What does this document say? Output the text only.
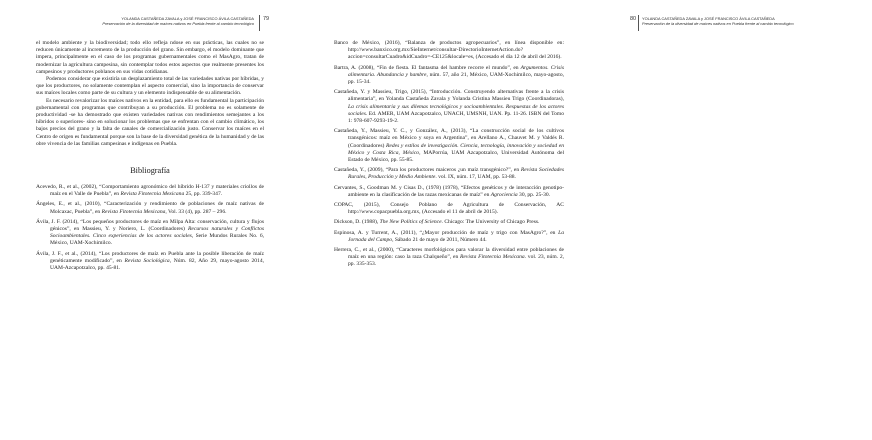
YOLANDA CASTAÑEDA ZAVALA y JOSÉ FRANCISCO ÁVILA CASTAÑEDA
Preservación de la diversidad de maíces nativos en Puebla frente al cambio tecnológico
79

el modelo ambiente y la biodiversidad; todo ello refleja ndose en sus prácticas, las cuales no se reducen únicamente al incremento de la producción del grano. Sin embargo, el modelo dominante que impera, principalmente en el caso de los programas gubernamentales como el MasAgro, tratan de modernizar la agricultura campesina, sin contemplar todos estos aspectos que realmente presentes los campesinos y productores poblanos en sus vidas cotidianas.

Podemos considerar que existiría un desplazamiento total de las variedades nativas por híbridas, y que los productores, no solamente contemplan el aspecto comercial, sino la importancia de conservar sus maíces locales como parte de su cultura y un elemento indispensable de su alimentación.

Es necesario revalorizar los maíces nativos en la entidad, para ello es fundamental la participación gubernamental con programas que contribuyan a su producción. El problema no es solamente de productividad -se ha demostrado que existen variedades nativas con rendimientos semejantes a los híbridos o superiores- sino en solucionar los problemas que se enfrentan con el cambio climático, los bajos precios del grano y la falta de canales de comercialización justo. Conservar los maíces en el Centro de origen es fundamental porque son la base de la diversidad genética de la humanidad y de las obre vivencia de las familias campesinas e indígenas en Puebla.

Bibliografía

Acevedo, R., et al., (2002), “Comportamiento agronómico del híbrido H-137 y materiales criollos de maíz en el Valle de Puebla”, en Revista Fitotecnia Mexicana 25, pp. 339-347.

Ángeles, E., et al., (2010), “Caracterización y rendimiento de poblaciones de maíz nativas de Molcaxac, Puebla”, en Revista Fitotecnia Mexicana, Vol. 33 (4), pp. 287 – 296.

Ávila, J. F. (2014), “Los pequeños productores de maíz en Milpa Alta: conservación, cultura y flujos génicos”, en Massieu, Y. y Noriero, L. (Coordinadores) Recursos naturales y Conflictos Socioambientales. Cinco experiencias de los actores sociales, Serie Mundos Rurales No. 6, México, UAM-Xochimilco.

Ávila, J. F., et al., (2014), “Los productores de maíz en Puebla ante la posible liberación de maíz genéticamente modificado”, en Revista Sociológica, Núm. 82, Año 29, mayo-agosto 2014, UAM-Azcapotzalco, pp. 45-81.

80 YOLANDA CASTAÑEDA ZAVALA y JOSÉ FRANCISCO ÁVILA CASTAÑEDA
Preservación de la diversidad de maíces nativos en Puebla frente al cambio tecnológico

Banco de México, (2016), “Balanza de productos agropecuarios”, en línea disponible en: http://www.banxico.org.mx/SieInternet/consultar-DirectorioInternetAction.do?accion=consultarCuadro&idCuadro=-CE125&locale=es, (Accesado el día 12 de abril del 2016).

Bartra, A. (2008), “Fin de fiesta. El fantasma del hambre recorre el mundo”, en Argumentos. Crisis alimentaria. Abundancia y hambre, núm. 57, año 21, México, UAM-Xochimilco, mayo-agosto, pp. 15-34.

Castañeda, Y. y Massieu, Trigo, (2015), “Introducción. Construyendo alternativas frente a la crisis alimentaria”, en Yolanda Castañeda Zavala y Yolanda Cristina Massieu Trigo (Coordinadoras), La crisis alimentaria y sus dilemas tecnológicos y socioambientales. Respuestas de los actores sociales. Ed. AMER, UAM Azcapotzalco, UNACH, UMSNH, UAN. Pp. 11-26. ISBN del Tomo 1: 978-607-9293-19-2.

Castañeda, Y., Massieu, Y. C., y González, A., (2013), “La construcción social de los cultivos transgénicos: maíz en México y soya en Argentina”, en Arellano A., Chauvet M. y Valdés R. (Coordinadores) Redes y estilos de investigación. Ciencia, tecnología, innovación y sociedad en México y Costa Rica, México, MAPorrúa, UAM Azcapotzalco, Universidad Autónoma del Estado de México, pp. 55-85.

Castañeda, Y., (2009), “Para los productores maiceros ¿un maíz transgénico?”, en Revista Sociedades Rurales, Producción y Medio Ambiente. vol. IX, núm. 17, UAM, pp. 53-88.

Cervantes, S., Goodman M. y Cisas D., (1978) (1978), “Efectos genéticos y de interacción genotipo-ambiente en la clasificación de las razas mexicanas de maíz” en Agrociencia 30, pp. 25-30.

COPAC, (2015), Consejo Poblano de Agricultura de Conservación, AC http://www.copacpuebla.org.mx, (Accesado el 11 de abril de 2015).

Dickson, D. (1988), The New Politics of Science. Chicago: The University of Chicago Press.

Espinosa, A. y Turrent, A., (2011), “¿Mayor producción de maíz y trigo con MasAgro?”, en La Jornada del Campo, Sábado 21 de mayo de 2011, Número 44.

Herrera, C., et al., (2000), “Caracteres morfológicos para valorar la diversidad entre poblaciones de maíz en una región: caso la raza Chalqueño”, en Revista Fitotecnia Mexicana. vol. 23, núm. 2, pp. 335-353.
